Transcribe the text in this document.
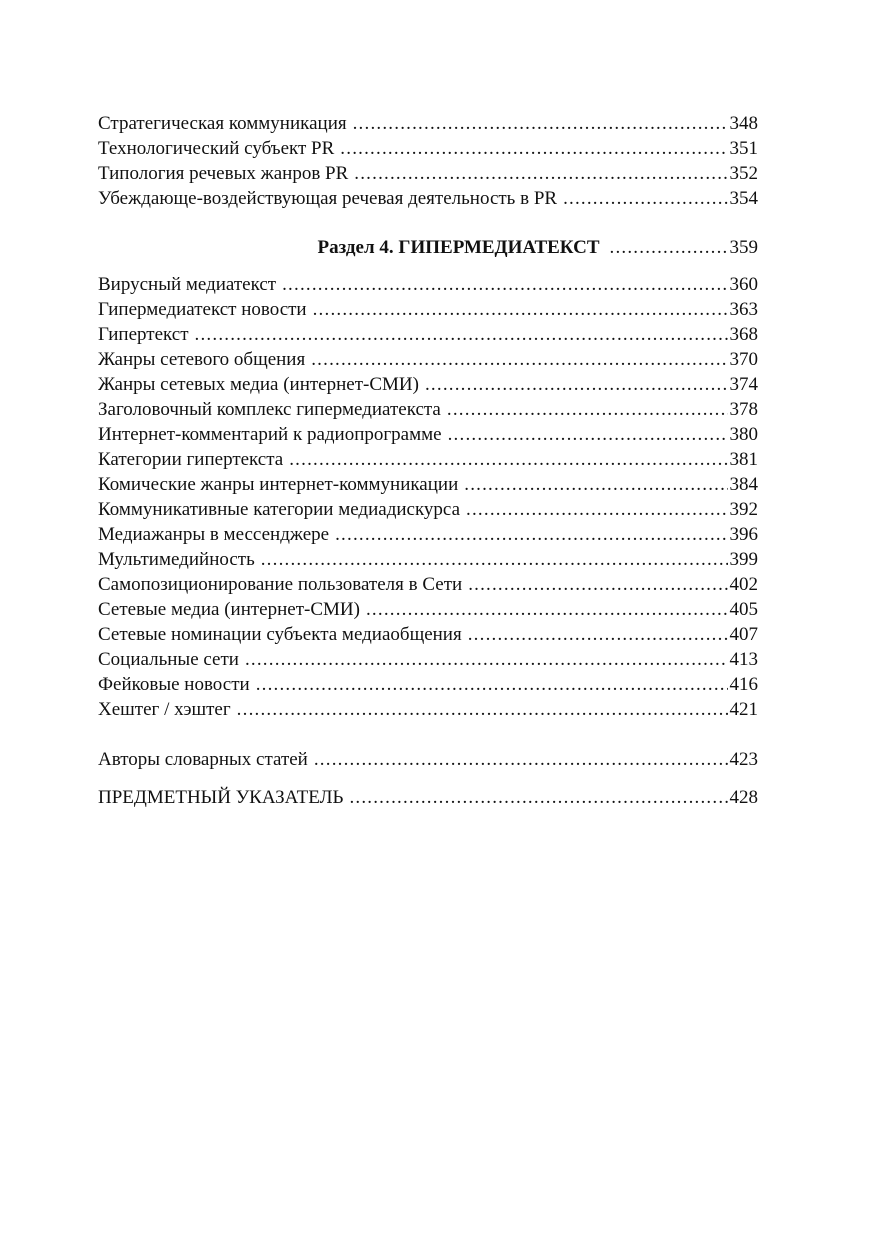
Стратегическая коммуникация .....	348
Технологический субъект PR .....	351
Типология речевых жанров PR .....	352
Убеждающе-воздействующая речевая деятельность в PR .....	354
Раздел 4. ГИПЕРМЕДИАТЕКСТ .....	359
Вирусный медиатекст .....	360
Гипермедиатекст новости .....	363
Гипертекст .....	368
Жанры сетевого общения .....	370
Жанры сетевых медиа (интернет-СМИ) .....	374
Заголовочный комплекс гипермедиатекста .....	378
Интернет-комментарий к радиопрограмме .....	380
Категории гипертекста .....	381
Комические жанры интернет-коммуникации .....	384
Коммуникативные категории медиадискурса .....	392
Медиажанры в мессенджере .....	396
Мультимедийность .....	399
Самопозиционирование пользователя в Сети .....	402
Сетевые медиа (интернет-СМИ) .....	405
Сетевые номинации субъекта медиаобщения .....	407
Социальные сети .....	413
Фейковые новости .....	416
Хештег / хэштег .....	421
Авторы словарных статей .....	423
ПРЕДМЕТНЫЙ УКАЗАТЕЛЬ .....	428
